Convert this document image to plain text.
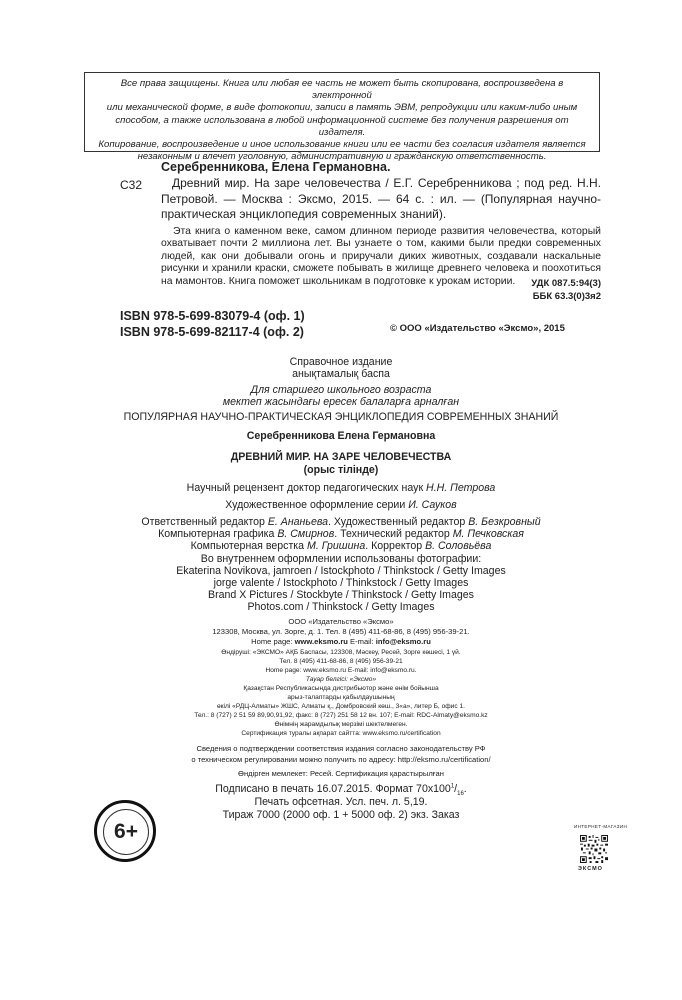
Все права защищены. Книга или любая ее часть не может быть скопирована, воспроизведена в электронной

или механической форме, в виде фотокопии, записи в память ЭВМ, репродукции или каким-либо иным

способом, а также использована в любой информационной системе без получения разрешения от издателя.

Копирование, воспроизведение и иное использование книги или ее части без согласия издателя является

незаконным и влечет уголовную, административную и гражданскую ответственность.

С32
Серебренникова, Елена Германовна.
Древний мир. На заре человечества / Е.Г. Серебренникова ; под ред. Н.Н. Петровой. — Москва : Эксмо, 2015. — 64 с. : ил. — (Популярная научно-практическая энциклопедия современных знаний).
Эта книга о каменном веке, самом длинном периоде развития человечества, который охватывает почти 2 миллиона лет. Вы узнаете о том, какими были предки современных людей, как они добывали огонь и приручали диких животных, создавали наскальные рисунки и хранили краски, сможете побывать в жилище древнего человека и поохотиться на мамонтов. Книга поможет школьникам в подготовке к урокам истории.	УДК 087.5:94(3)
ББК 63.3(0)3я2
ISBN 978-5-699-83079-4 (оф. 1)
ISBN 978-5-699-82117-4 (оф. 2)	© ООО «Издательство «Эксмо», 2015
Справочное издание
анықтамалық баспа
Для старшего школьного возраста
мектеп жасындағы ересек балаларға арналған
ПОПУЛЯРНАЯ НАУЧНО-ПРАКТИЧЕСКАЯ ЭНЦИКЛОПЕДИЯ СОВРЕМЕННЫХ ЗНАНИЙ
Серебренникова Елена Германовна
ДРЕВНИЙ МИР. НА ЗАРЕ ЧЕЛОВЕЧЕСТВА
(орыс тілінде)
Научный рецензент доктор педагогических наук Н.Н. Петрова
Художественное оформление серии И. Сауков
Ответственный редактор Е. Ананьева. Художественный редактор В. Безкровный
Компьютерная графика В. Смирнов. Технический редактор М. Печковская
Компьютерная верстка М. Гришина. Корректор В. Соловьёва
Во внутреннем оформлении использованы фотографии:
Ekaterina Novikova, jamroen / Istockphoto / Thinkstock / Getty Images
jorge valente / Istockphoto / Thinkstock / Getty Images
Brand X Pictures / Stockbyte / Thinkstock / Getty Images
Photos.com / Thinkstock / Getty Images
ООО «Издательство «Эксмо»
123308, Москва, ул. Зорге, д. 1. Тел. 8 (495) 411-68-86, 8 (495) 956-39-21.
Home page: www.eksmo.ru E-mail: info@eksmo.ru
Өндіруші: «ЭКСМО» АҚБ Баспасы, 123308, Мәскеу, Ресей, Зорге көшесі, 1 үй.
Тел. 8 (495) 411-68-86, 8 (495) 956-39-21
Home page: www.eksmo.ru E-mail: info@eksmo.ru.
Тауар белгісі: «Эксмо»
Қазақстан Республикасында дистрибьютор және өнім бойынша
арыз-талаптарды қабылдаушының
өкілі «РДЦ-Алматы» ЖШС, Алматы қ., Домбровский көш., 3«а», литер Б, офис 1.
Тел.: 8 (727) 2 51 59 89,90,91,92, факс: 8 (727) 251 58 12 вн. 107; E-mail: RDC-Almaty@eksmo.kz
Өнімнің жарамдылық мерзімі шектелмеген.
Сертификация туралы ақпарат сайтта: www.eksmo.ru/certification
Сведения о подтверждении соответствия издания согласно законодательству РФ
о техническом регулировании можно получить по адресу: http://eksmo.ru/certification/
Өндірген мемлекет: Ресей. Сертификация қарастырылған
Подписано в печать 16.07.2015. Формат $70x100^1/_{16}$.
Печать офсетная. Усл. печ. л. 5,19.
Тираж 7000 (2000 оф. 1 + 5000 оф. 2) экз. Заказ
6+	ИНТЕРНЕТ-МАГАЗИН
ЭКСМО
